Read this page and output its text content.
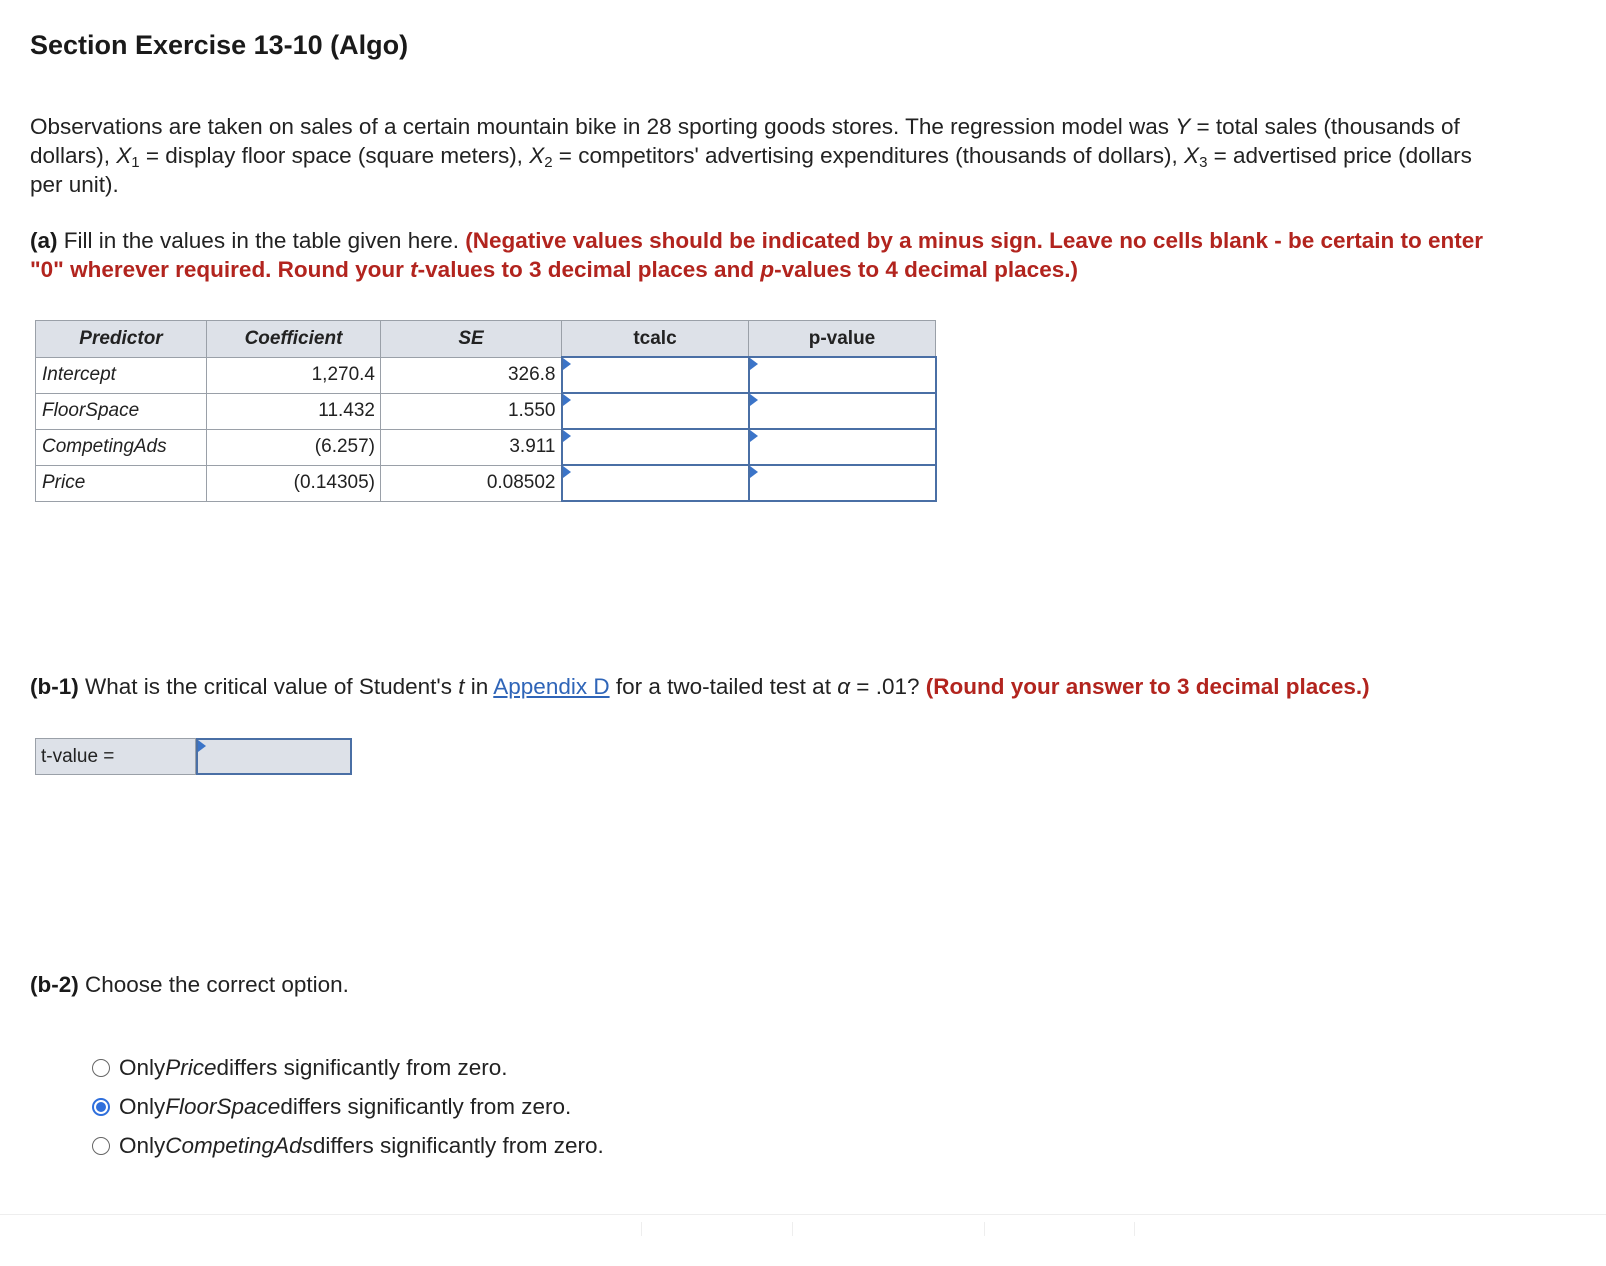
Section Exercise 13-10 (Algo)
Observations are taken on sales of a certain mountain bike in 28 sporting goods stores. The regression model was Y = total sales (thousands of dollars), $X_1$ = display floor space (square meters), $X_2$ = competitors' advertising expenditures (thousands of dollars), $X_3$ = advertised price (dollars per unit).
(a) Fill in the values in the table given here. (Negative values should be indicated by a minus sign. Leave no cells blank - be certain to enter "0" wherever required. Round your t-values to 3 decimal places and p-values to 4 decimal places.)
Predictor	Coefficient	SE	tcalc	p-value
Intercept	1,270.4	326.8	

FloorSpace	11.432	1.550	

CompetingAds	(6.257)	3.911	

Price	(0.14305)	0.08502	

(b-1) What is the critical value of Student's t in Appendix D for a two-tailed test at α = .01? (Round your answer to 3 decimal places.)
t-value =
(b-2) Choose the correct option.
Only Price differs significantly from zero.
Only FloorSpace differs significantly from zero.
Only CompetingAds differs significantly from zero.
